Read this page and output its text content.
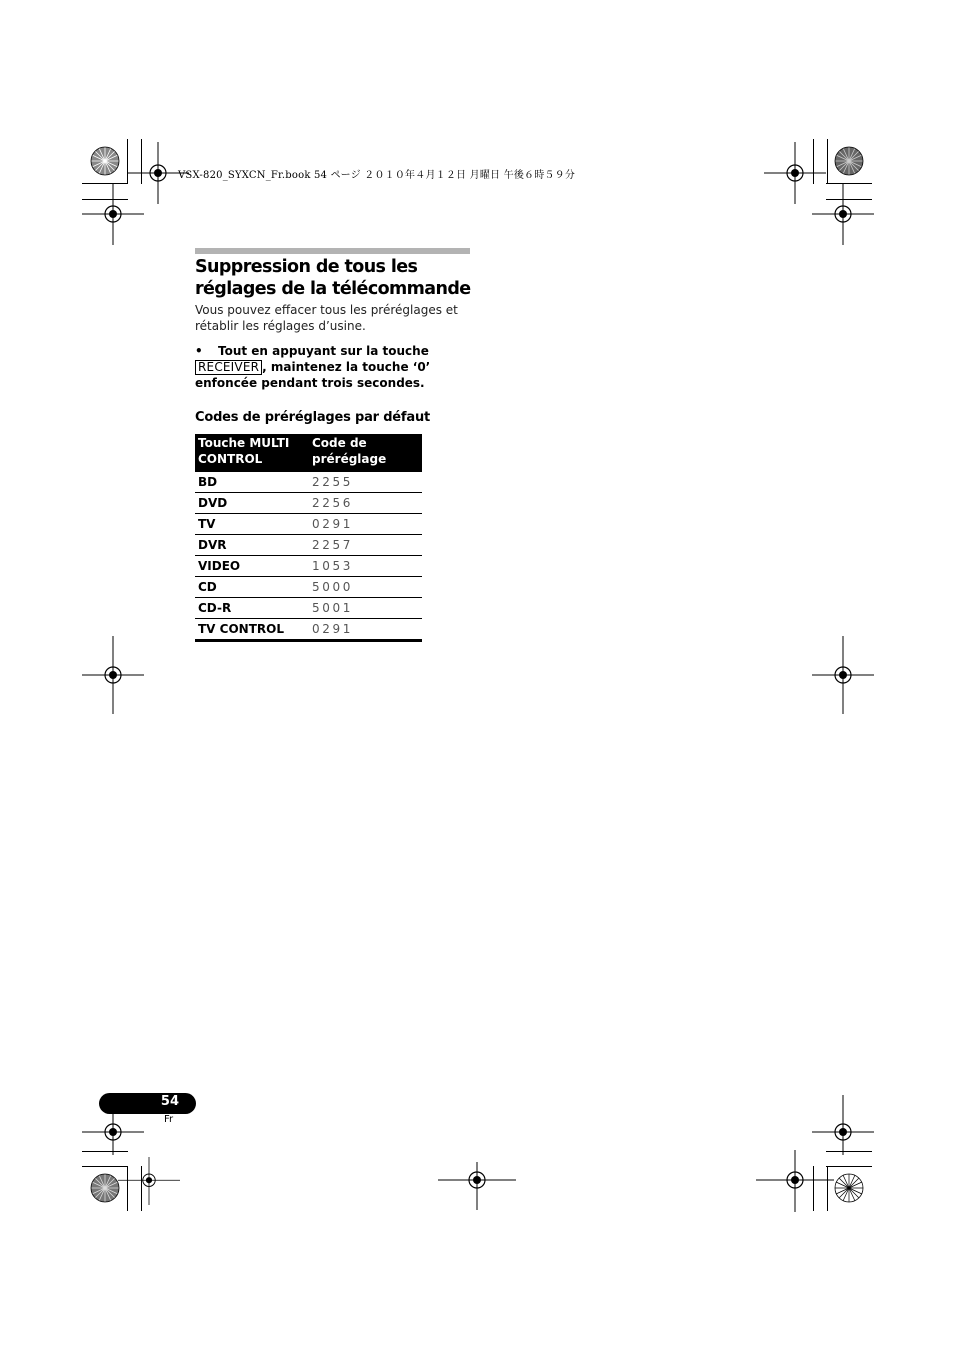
VSX-820_SYXCN_Fr.book 54 ページ ２０１０年４月１２日 月曜日 午後６時５９分
Suppression de tous les réglages de la télécommande
Vous pouvez effacer tous les préréglages et rétablir les réglages d’usine.
• Tout en appuyant sur la touche RECEIVER , maintenez la touche ‘0’ enfoncée pendant trois secondes.
Codes de préréglages par défaut
Touche MULTI CONTROL	Code de préréglage
BD	2255
DVD	2256
TV	0291
DVR	2257
VIDEO	1053
CD	5000
CD-R	5001
TV CONTROL	0291
54
Fr
